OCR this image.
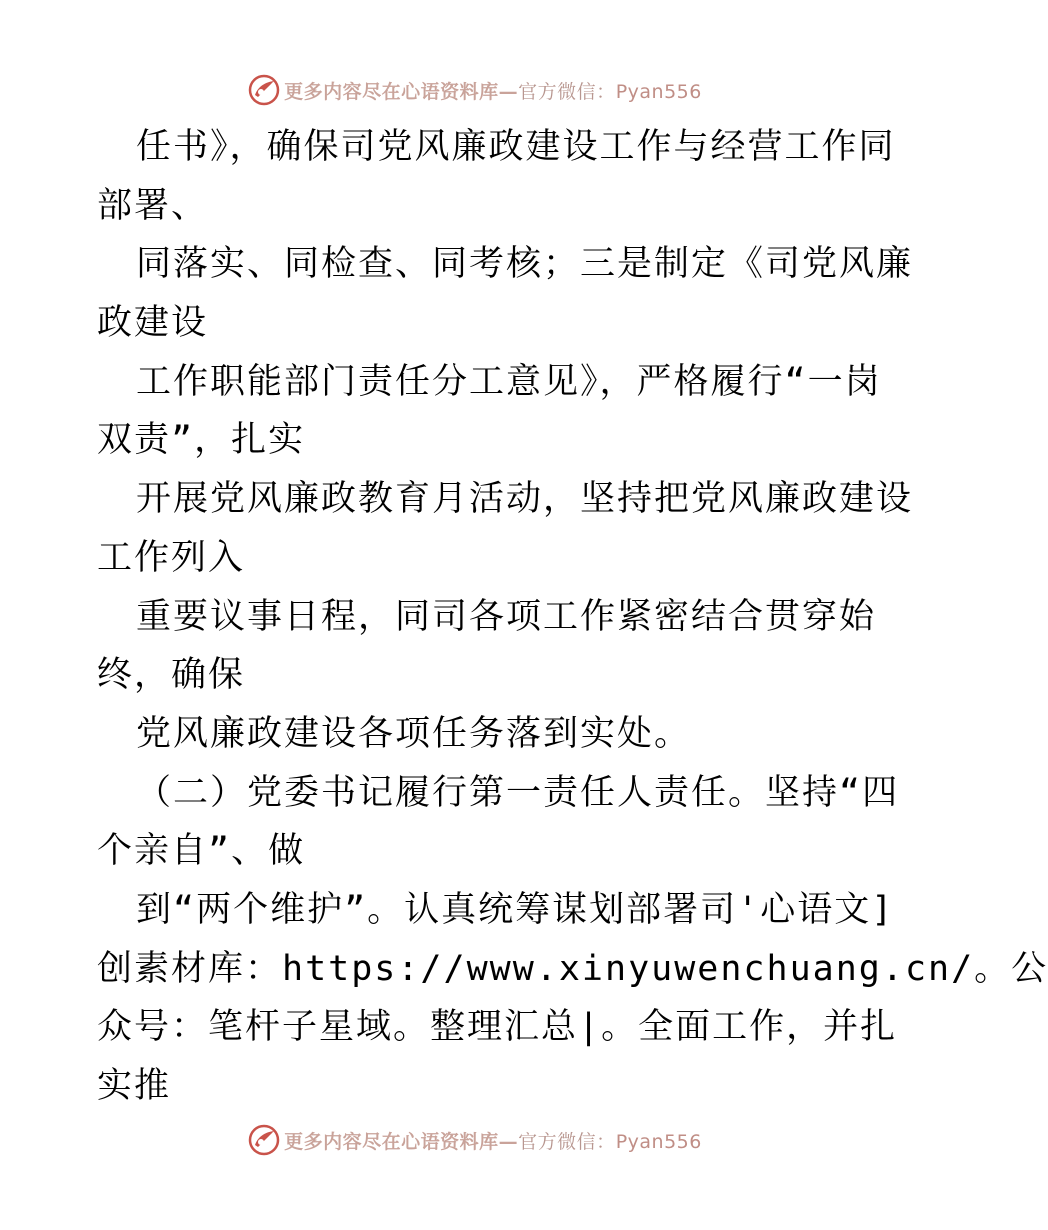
更多内容尽在心语资料库—官方微信：Pyan556
任书》，确保司党风廉政建设工作与经营工作同
部署、
同落实、同检查、同考核；三是制定《司党风廉
政建设
工作职能部门责任分工意见》，严格履行“一岗
双责”，扎实
开展党风廉政教育月活动，坚持把党风廉政建设
工作列入
重要议事日程，同司各项工作紧密结合贯穿始
终，确保
党风廉政建设各项任务落到实处。
（二）党委书记履行第一责任人责任。坚持“四
个亲自”、做
到“两个维护”。认真统筹谋划部署司'心语文]
创素材库：https://www.xinyuwenchuang.cn/。公
众号：笔杆子星域。整理汇总|。全面工作，并扎
实推
更多内容尽在心语资料库—官方微信：Pyan556
